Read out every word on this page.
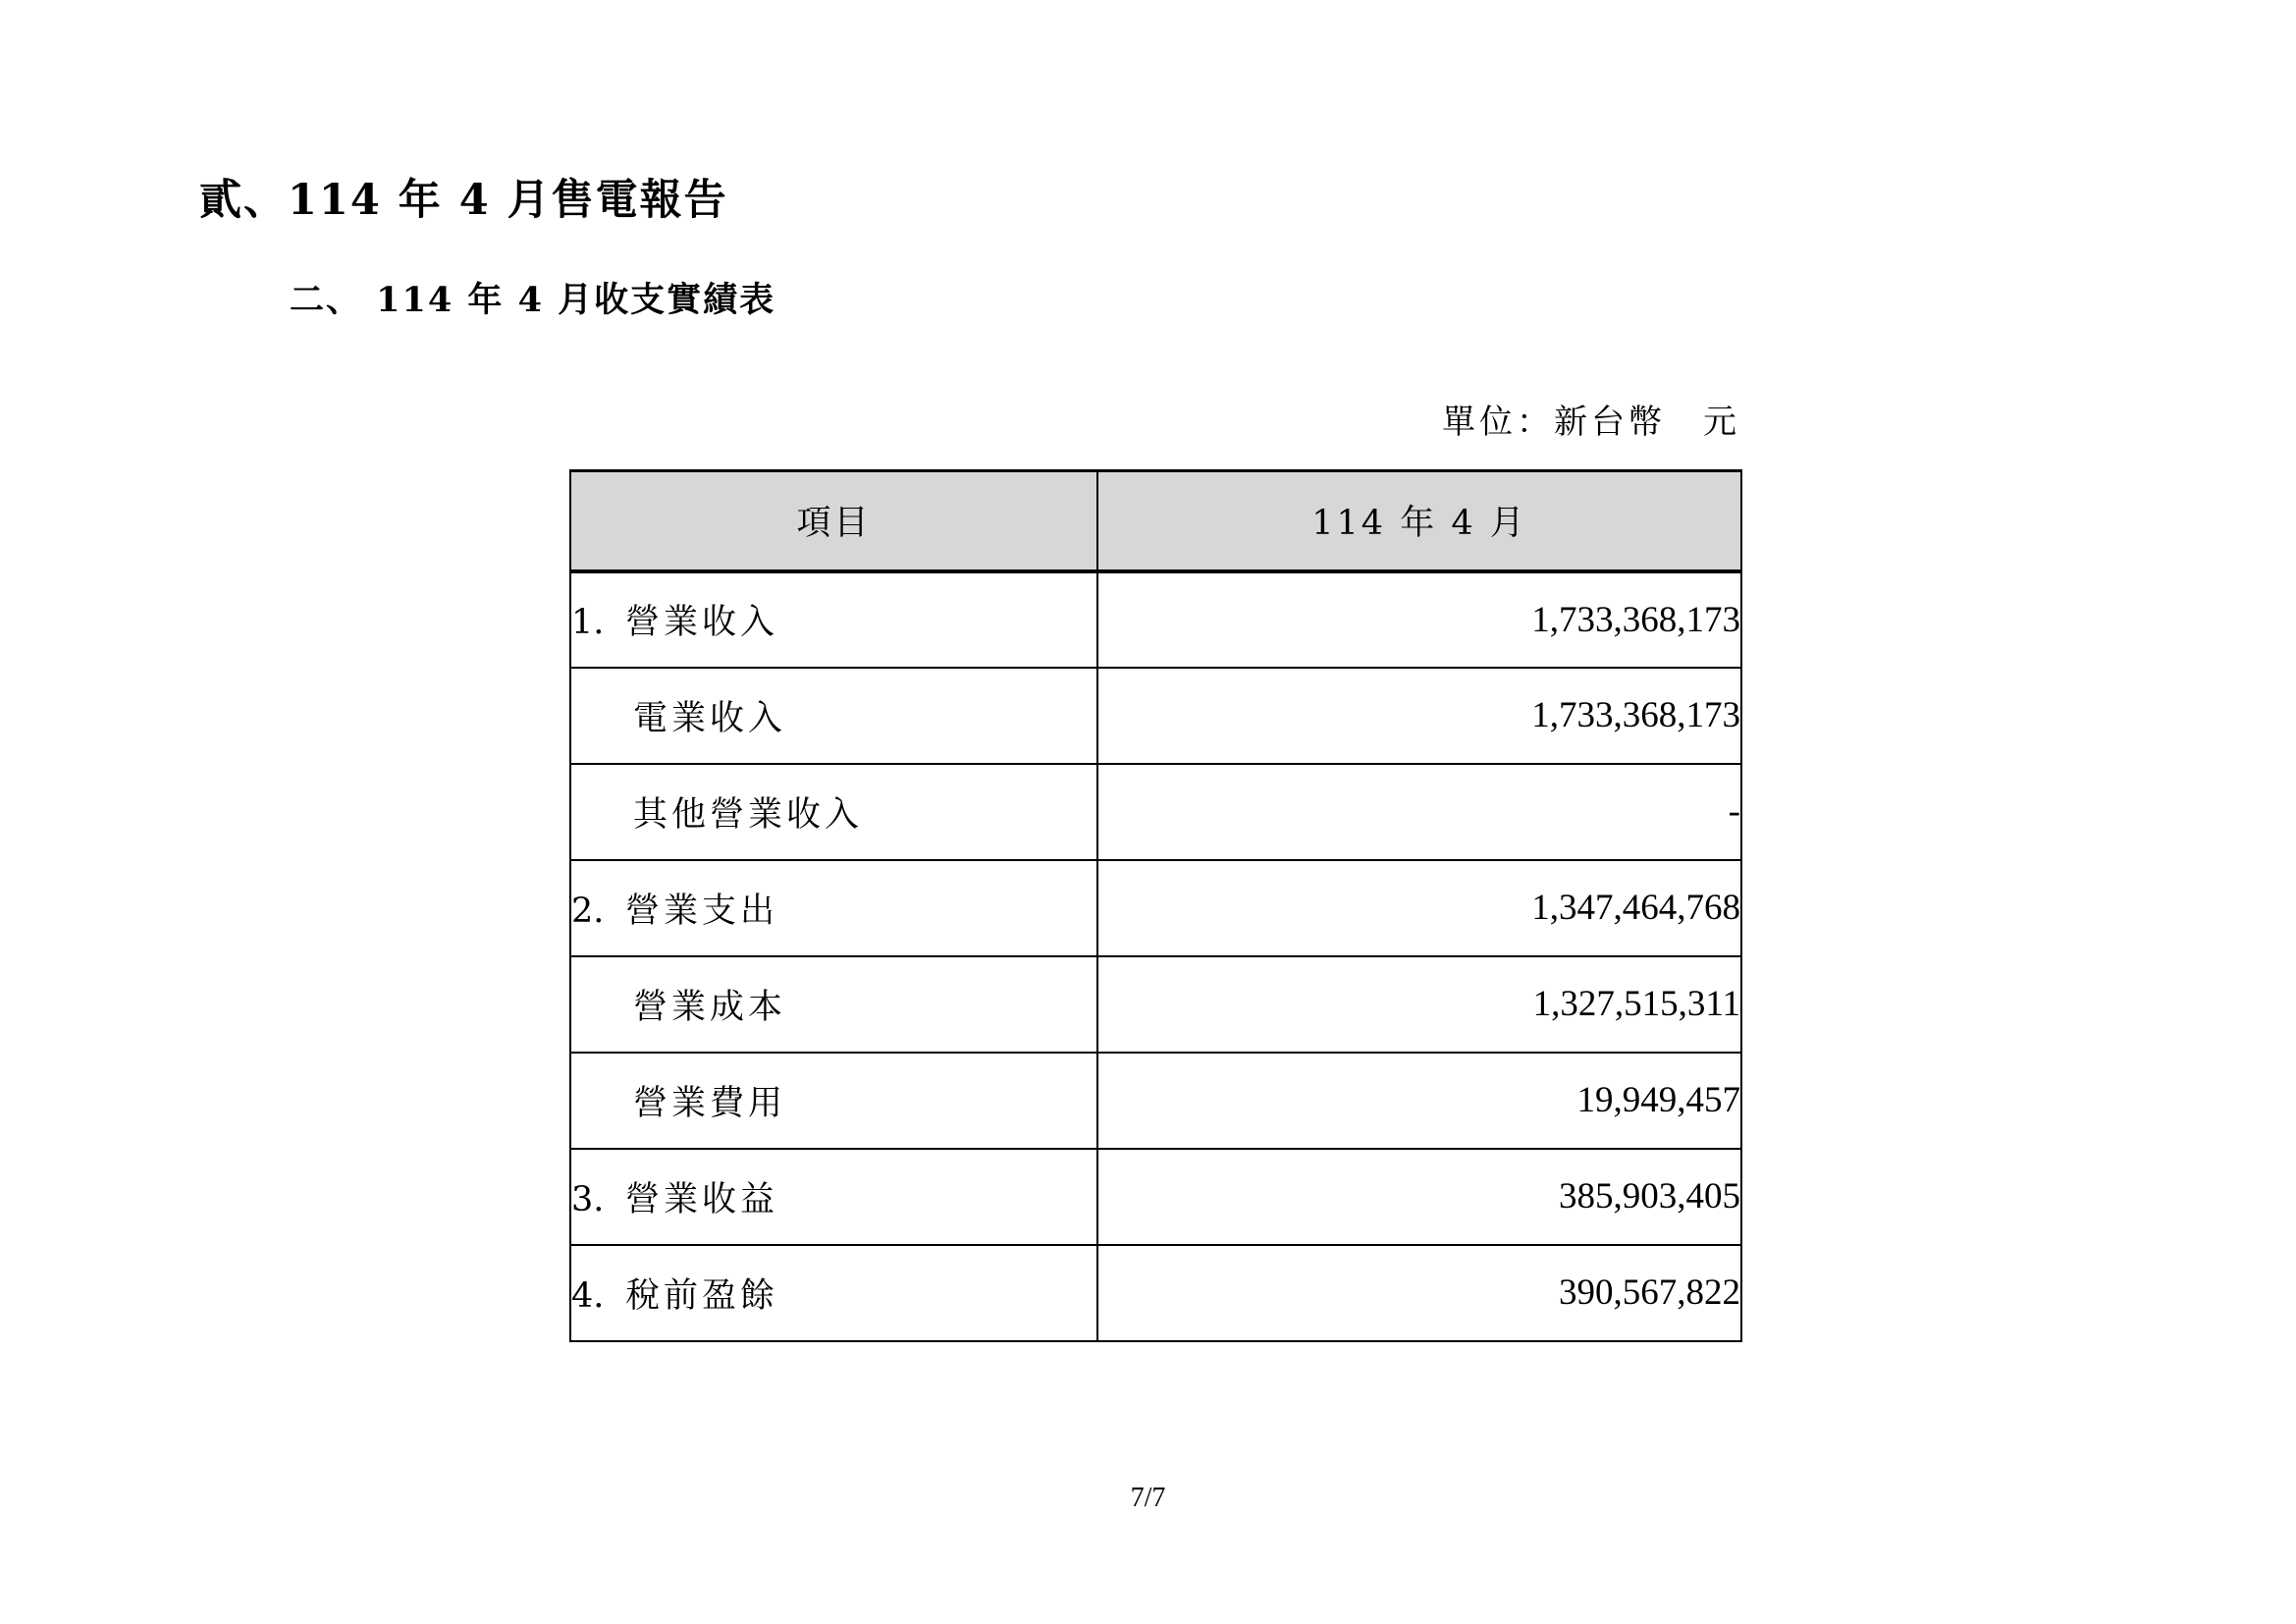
貳、114 年 4 月售電報告
二、 114 年 4 月收支實績表
單位：新台幣　元
項目	114 年 4 月
1. 營業收入	1,733,368,173
電業收入	1,733,368,173
其他營業收入	-
2. 營業支出	1,347,464,768
營業成本	1,327,515,311
營業費用	19,949,457
3. 營業收益	385,903,405
4. 稅前盈餘	390,567,822
7/7
